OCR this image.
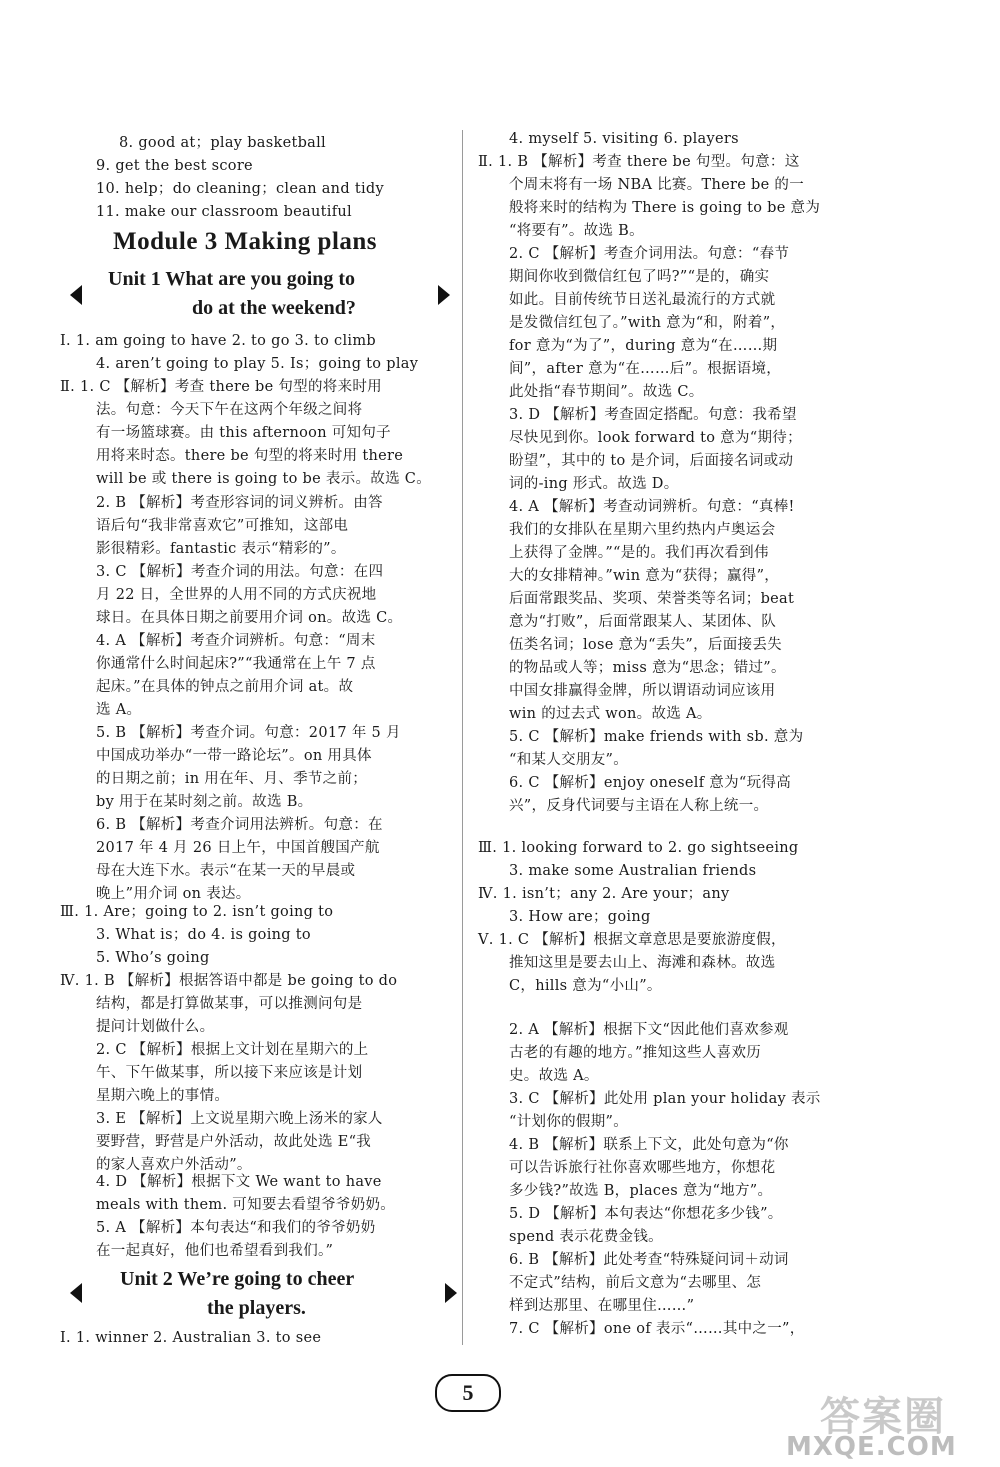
8. good at；play basketball
9. get the best score
10. help；do cleaning；clean and tidy
11. make our classroom beautiful
Module 3 Making plans
Unit 1 What are you going to
do at the weekend?
Ⅰ. 1. am going to have 2. to go 3. to climb
4. aren’t going to play 5. Is；going to play
Ⅱ. 1. C 【解析】考查 there be 句型的将来时用
法。句意：今天下午在这两个年级之间将
有一场篮球赛。由 this afternoon 可知句子
用将来时态。there be 句型的将来时用 there
will be 或 there is going to be 表示。故选 C。
2. B 【解析】考查形容词的词义辨析。由答
语后句“我非常喜欢它”可推知，这部电
影很精彩。fantastic 表示“精彩的”。
3. C 【解析】考查介词的用法。句意：在四
月 22 日，全世界的人用不同的方式庆祝地
球日。在具体日期之前要用介词 on。故选 C。
4. A 【解析】考查介词辨析。句意：“周末
你通常什么时间起床?”“我通常在上午 7 点
起床。”在具体的钟点之前用介词 at。故
选 A。
5. B 【解析】考查介词。句意：2017 年 5 月
中国成功举办“一带一路论坛”。on 用具体
的日期之前；in 用在年、月、季节之前；
by 用于在某时刻之前。故选 B。
6. B 【解析】考查介词用法辨析。句意：在
2017 年 4 月 26 日上午，中国首艘国产航
母在大连下水。表示“在某一天的早晨或
晚上”用介词 on 表达。
Ⅲ. 1. Are；going to 2. isn’t going to
3. What is；do 4. is going to
5. Who’s going
Ⅳ. 1. B 【解析】根据答语中都是 be going to do
结构，都是打算做某事，可以推测问句是
提问计划做什么。
2. C 【解析】根据上文计划在星期六的上
午、下午做某事，所以接下来应该是计划
星期六晚上的事情。
3. E 【解析】上文说星期六晚上汤米的家人
要野营，野营是户外活动，故此处选 E“我
的家人喜欢户外活动”。
4. D 【解析】根据下文 We want to have
meals with them. 可知要去看望爷爷奶奶。
5. A 【解析】本句表达“和我们的爷爷奶奶
在一起真好，他们也希望看到我们。”
Unit 2 We’re going to cheer
the players.
Ⅰ. 1. winner 2. Australian 3. to see
4. myself 5. visiting 6. players
Ⅱ. 1. B 【解析】考查 there be 句型。句意：这
个周末将有一场 NBA 比赛。There be 的一
般将来时的结构为 There is going to be 意为
“将要有”。故选 B。
2. C 【解析】考查介词用法。句意：“春节
期间你收到微信红包了吗?”“是的，确实
如此。目前传统节日送礼最流行的方式就
是发微信红包了。”with 意为“和，附着”，
for 意为“为了”，during 意为“在……期
间”，after 意为“在……后”。根据语境，
此处指“春节期间”。故选 C。
3. D 【解析】考查固定搭配。句意：我希望
尽快见到你。look forward to 意为“期待；
盼望”，其中的 to 是介词，后面接名词或动
词的-ing 形式。故选 D。
4. A 【解析】考查动词辨析。句意：“真棒!
我们的女排队在星期六里约热内卢奥运会
上获得了金牌。”“是的。我们再次看到伟
大的女排精神。”win 意为“获得；赢得”，
后面常跟奖品、奖项、荣誉类等名词；beat
意为“打败”，后面常跟某人、某团体、队
伍类名词；lose 意为“丢失”，后面接丢失
的物品或人等；miss 意为“思念；错过”。
中国女排赢得金牌，所以谓语动词应该用
win 的过去式 won。故选 A。
5. C 【解析】make friends with sb. 意为
“和某人交朋友”。
6. C 【解析】enjoy oneself 意为“玩得高
兴”，反身代词要与主语在人称上统一。
Ⅲ. 1. looking forward to 2. go sightseeing
3. make some Australian friends
Ⅳ. 1. isn’t；any 2. Are your；any
3. How are；going
Ⅴ. 1. C 【解析】根据文章意思是要旅游度假，
推知这里是要去山上、海滩和森林。故选
C，hills 意为“小山”。
2. A 【解析】根据下文“因此他们喜欢参观
古老的有趣的地方。”推知这些人喜欢历
史。故选 A。
3. C 【解析】此处用 plan your holiday 表示
“计划你的假期”。
4. B 【解析】联系上下文，此处句意为“你
可以告诉旅行社你喜欢哪些地方，你想花
多少钱?”故选 B，places 意为“地方”。
5. D 【解析】本句表达“你想花多少钱”。
spend 表示花费金钱。
6. B 【解析】此处考查“特殊疑问词＋动词
不定式”结构，前后文意为“去哪里、怎
样到达那里、在哪里住……”
7. C 【解析】one of 表示“……其中之一”，
5
答案圈
MXQE.COM
